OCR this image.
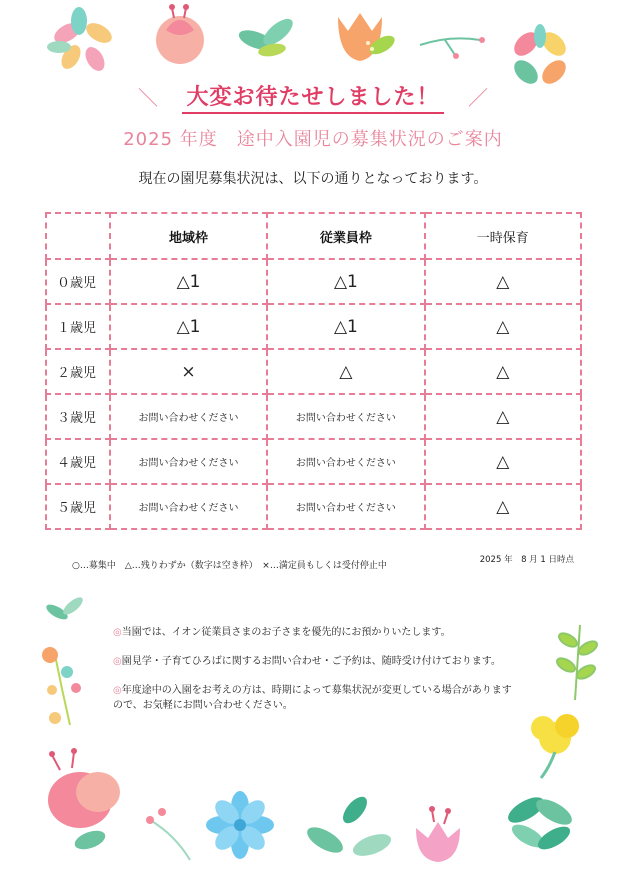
＼ 大変お待たせしました！ ／
2025 年度　途中入園児の募集状況のご案内
現在の園児募集状況は、以下の通りとなっております。
	地域枠	従業員枠	一時保育
０歳児	△1	△1	△
１歳児	△1	△1	△
２歳児	×	△	△
３歳児	お問い合わせください	お問い合わせください	△
４歳児	お問い合わせください	お問い合わせください	△
５歳児	お問い合わせください	お問い合わせください	△
○…募集中　△…残りわずか（数字は空き枠）　×…満定員もしくは受付停止中
2025 年　8 月 1 日時点
◎当園では、イオン従業員さまのお子さまを優先的にお預かりいたします。
◎園見学・子育てひろばに関するお問い合わせ・ご予約は、随時受け付けております。
◎年度途中の入園をお考えの方は、時期によって募集状況が変更している場合があります
ので、お気軽にお問い合わせください。
